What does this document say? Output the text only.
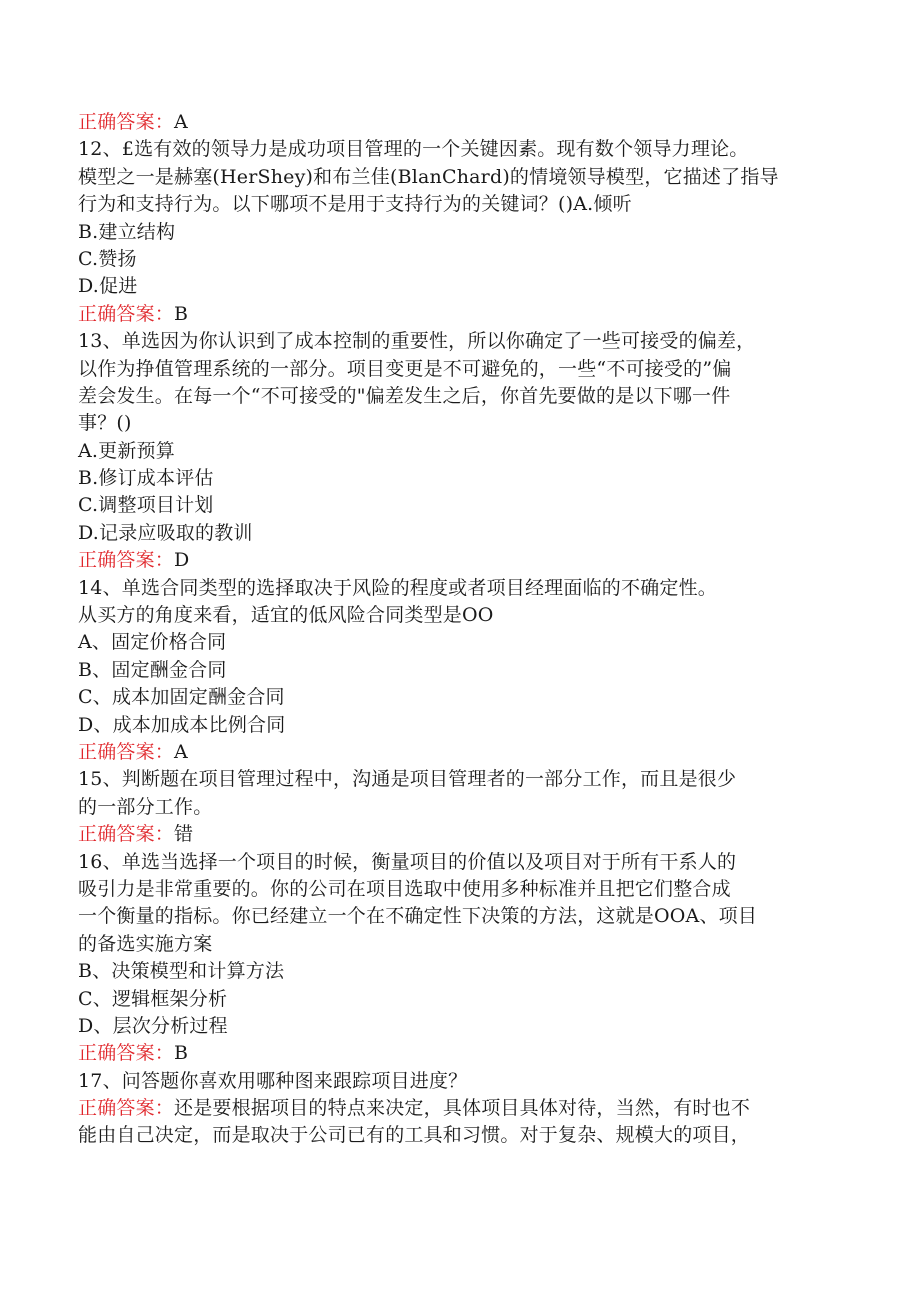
正确答案：A
12、£选有效的领导力是成功项目管理的一个关键因素。现有数个领导力理论。
模型之一是赫塞(HerShey)和布兰佳(BlanChard)的情境领导模型，它描述了指导
行为和支持行为。以下哪项不是用于支持行为的关键词？()A.倾听
B.建立结构
C.赞扬
D.促进
正确答案：B
13、单选因为你认识到了成本控制的重要性，所以你确定了一些可接受的偏差，
以作为挣值管理系统的一部分。项目变更是不可避免的，一些“不可接受的”偏
差会发生。在每一个“不可接受的"偏差发生之后，你首先要做的是以下哪一件
事？()
A.更新预算
B.修订成本评估
C.调整项目计划
D.记录应吸取的教训
正确答案：D
14、单选合同类型的选择取决于风险的程度或者项目经理面临的不确定性。
从买方的角度来看，适宜的低风险合同类型是OO
A、固定价格合同
B、固定酬金合同
C、成本加固定酬金合同
D、成本加成本比例合同
正确答案：A
15、判断题在项目管理过程中，沟通是项目管理者的一部分工作，而且是很少
的一部分工作。
正确答案：错
16、单选当选择一个项目的时候，衡量项目的价值以及项目对于所有干系人的
吸引力是非常重要的。你的公司在项目选取中使用多种标准并且把它们整合成
一个衡量的指标。你已经建立一个在不确定性下决策的方法，这就是OOA、项目
的备选实施方案
B、决策模型和计算方法
C、逻辑框架分析
D、层次分析过程
正确答案：B
17、问答题你喜欢用哪种图来跟踪项目进度？
正确答案：还是要根据项目的特点来决定，具体项目具体对待，当然，有时也不
能由自己决定，而是取决于公司已有的工具和习惯。对于复杂、规模大的项目，
